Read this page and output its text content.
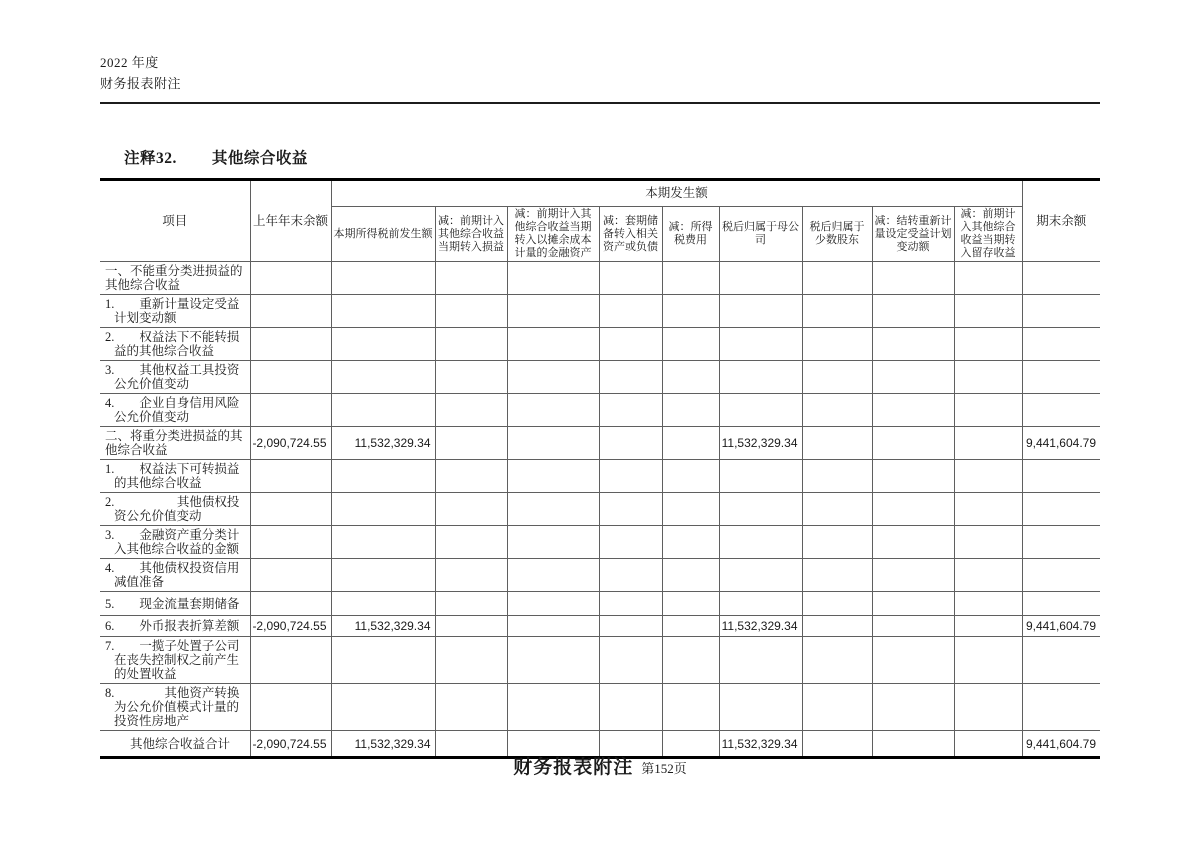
2022 年度
财务报表附注
注释32. 其他综合收益
项目	上年年末余额	本期发生额									期末余额
		本期所得税前发生额	减：前期计入其他综合收益当期转入损益	减：前期计入其他综合收益当期转入以摊余成本计量的金融资产	减：套期储备转入相关资产或负债	减：所得税费用	税后归属于母公司	税后归属于少数股东	减：结转重新计量设定受益计划变动额	减：前期计入其他综合收益当期转入留存收益	
一、不能重分类进损益的其他综合收益											
1.　　重新计量设定受益计划变动额											
2.　　权益法下不能转损益的其他综合收益											
3.　　其他权益工具投资公允价值变动											
4.　　企业自身信用风险公允价值变动											
二、将重分类进损益的其他综合收益	-2,090,724.55	11,532,329.34					11,532,329.34				9,441,604.79
1.　　权益法下可转损益的其他综合收益											
2.　　　　　其他债权投资公允价值变动											
3.　　金融资产重分类计入其他综合收益的金额											
4.　　其他债权投资信用减值准备											
5.　　现金流量套期储备											
6.　　外币报表折算差额	-2,090,724.55	11,532,329.34					11,532,329.34				9,441,604.79
7.　　一揽子处置子公司在丧失控制权之前产生的处置收益											
8.　　　　其他资产转换为公允价值模式计量的投资性房地产											
　　其他综合收益合计	-2,090,724.55	11,532,329.34					11,532,329.34				9,441,604.79
财务报表附注 第152页
